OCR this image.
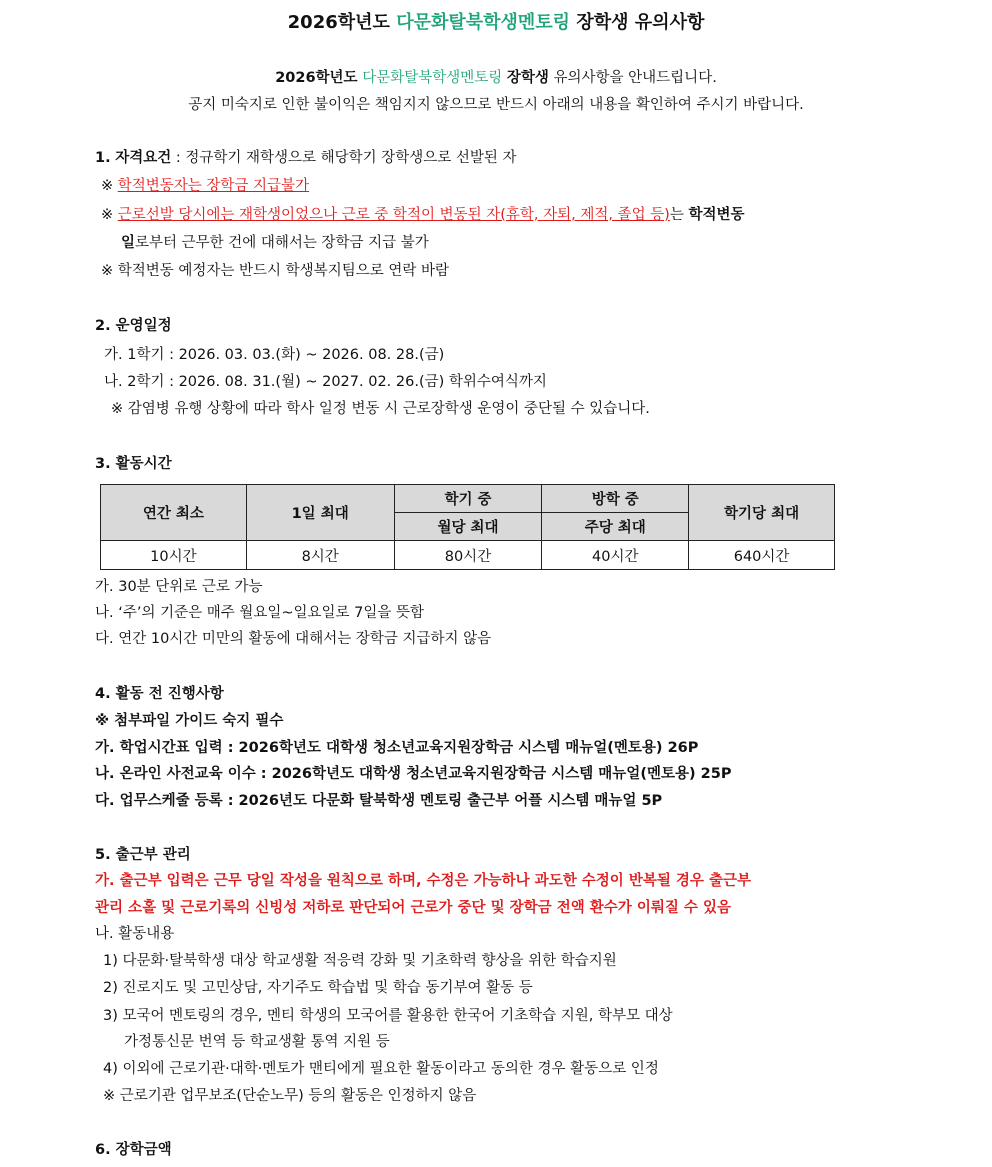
2026학년도 다문화탈북학생멘토링 장학생 유의사항
2026학년도 다문화탈북학생멘토링 장학생 유의사항을 안내드립니다.
공지 미숙지로 인한 불이익은 책임지지 않으므로 반드시 아래의 내용을 확인하여 주시기 바랍니다.
1. 자격요건 : 정규학기 재학생으로 해당학기 장학생으로 선발된 자
※ 학적변동자는 장학금 지급불가
※ 근로선발 당시에는 재학생이었으나 근로 중 학적이 변동된 자(휴학, 자퇴, 제적, 졸업 등)는 학적변동
일로부터 근무한 건에 대해서는 장학금 지급 불가
※ 학적변동 예정자는 반드시 학생복지팀으로 연락 바람
2. 운영일정
가. 1학기 : 2026. 03. 03.(화) ~ 2026. 08. 28.(금)
나. 2학기 : 2026. 08. 31.(월) ~ 2027. 02. 26.(금) 학위수여식까지
※ 감염병 유행 상황에 따라 학사 일정 변동 시 근로장학생 운영이 중단될 수 있습니다.
3. 활동시간
연간 최소	1일 최대	학기 중	방학 중	학기당 최대
		월당 최대	주당 최대	
10시간	8시간	80시간	40시간	640시간
가. 30분 단위로 근로 가능
나. ‘주’의 기준은 매주 월요일~일요일로 7일을 뜻함
다. 연간 10시간 미만의 활동에 대해서는 장학금 지급하지 않음
4. 활동 전 진행사항
※ 첨부파일 가이드 숙지 필수
가. 학업시간표 입력 : 2026학년도 대학생 청소년교육지원장학금 시스템 매뉴얼(멘토용) 26P
나. 온라인 사전교육 이수 : 2026학년도 대학생 청소년교육지원장학금 시스템 매뉴얼(멘토용) 25P
다. 업무스케줄 등록 : 2026년도 다문화 탈북학생 멘토링 출근부 어플 시스템 매뉴얼 5P
5. 출근부 관리
가. 출근부 입력은 근무 당일 작성을 원칙으로 하며, 수정은 가능하나 과도한 수정이 반복될 경우 출근부
관리 소홀 및 근로기록의 신빙성 저하로 판단되어 근로가 중단 및 장학금 전액 환수가 이뤄질 수 있음
나. 활동내용
1) 다문화·탈북학생 대상 학교생활 적응력 강화 및 기초학력 향상을 위한 학습지원
2) 진로지도 및 고민상담, 자기주도 학습법 및 학습 동기부여 활동 등
3) 모국어 멘토링의 경우, 멘티 학생의 모국어를 활용한 한국어 기초학습 지원, 학부모 대상
가정통신문 번역 등 학교생활 통역 지원 등
4) 이외에 근로기관·대학·멘토가 맨티에게 필요한 활동이라고 동의한 경우 활동으로 인정
※ 근로기관 업무보조(단순노무) 등의 활동은 인정하지 않음
6. 장학금액
